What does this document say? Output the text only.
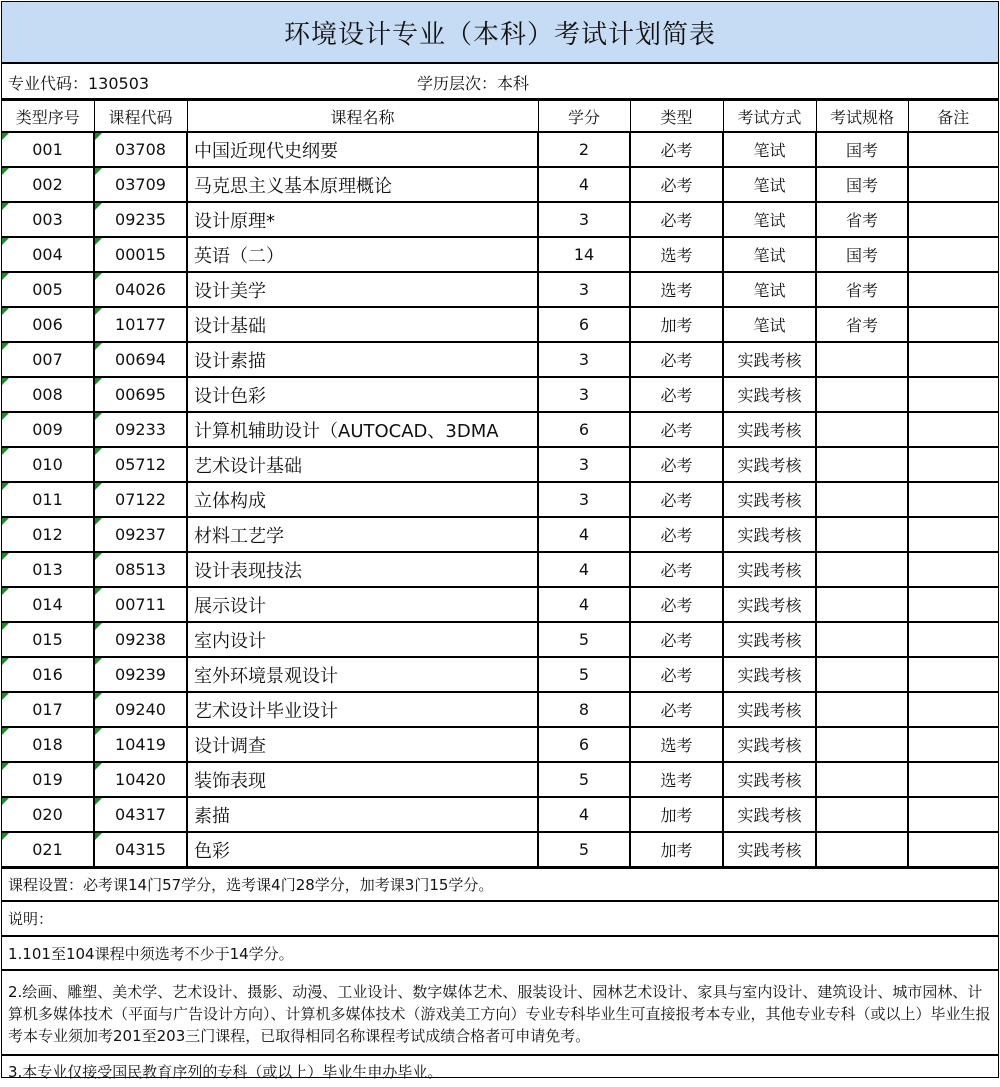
环境设计专业（本科）考试计划简表
专业代码：130503	学历层次：本科
类型序号	课程代码	课程名称	学分	类型	考试方式	考试规格	备注
001	03708	中国近现代史纲要	2	必考	笔试	国考	
002	03709	马克思主义基本原理概论	4	必考	笔试	国考	
003	09235	设计原理*	3	必考	笔试	省考	
004	00015	英语（二）	14	选考	笔试	国考	
005	04026	设计美学	3	选考	笔试	省考	
006	10177	设计基础	6	加考	笔试	省考	
007	00694	设计素描	3	必考	实践考核		
008	00695	设计色彩	3	必考	实践考核		
009	09233	计算机辅助设计（AUTOCAD、3DMA	6	必考	实践考核		
010	05712	艺术设计基础	3	必考	实践考核		
011	07122	立体构成	3	必考	实践考核		
012	09237	材料工艺学	4	必考	实践考核		
013	08513	设计表现技法	4	必考	实践考核		
014	00711	展示设计	4	必考	实践考核		
015	09238	室内设计	5	必考	实践考核		
016	09239	室外环境景观设计	5	必考	实践考核		
017	09240	艺术设计毕业设计	8	必考	实践考核		
018	10419	设计调查	6	选考	实践考核		
019	10420	装饰表现	5	选考	实践考核		
020	04317	素描	4	加考	实践考核		
021	04315	色彩	5	加考	实践考核		
课程设置：必考课14门57学分，选考课4门28学分，加考课3门15学分。
说明：
1.101至104课程中须选考不少于14学分。
2.绘画、雕塑、美术学、艺术设计、摄影、动漫、工业设计、数字媒体艺术、服装设计、园林艺术设计、家具与室内设计、建筑设计、城市园林、计算机多媒体技术（平面与广告设计方向）、计算机多媒体技术（游戏美工方向）专业专科毕业生可直接报考本专业，其他专业专科（或以上）毕业生报考本专业须加考201至203三门课程，已取得相同名称课程考试成绩合格者可申请免考。
3.本专业仅接受国民教育序列的专科（或以上）毕业生申办毕业。
